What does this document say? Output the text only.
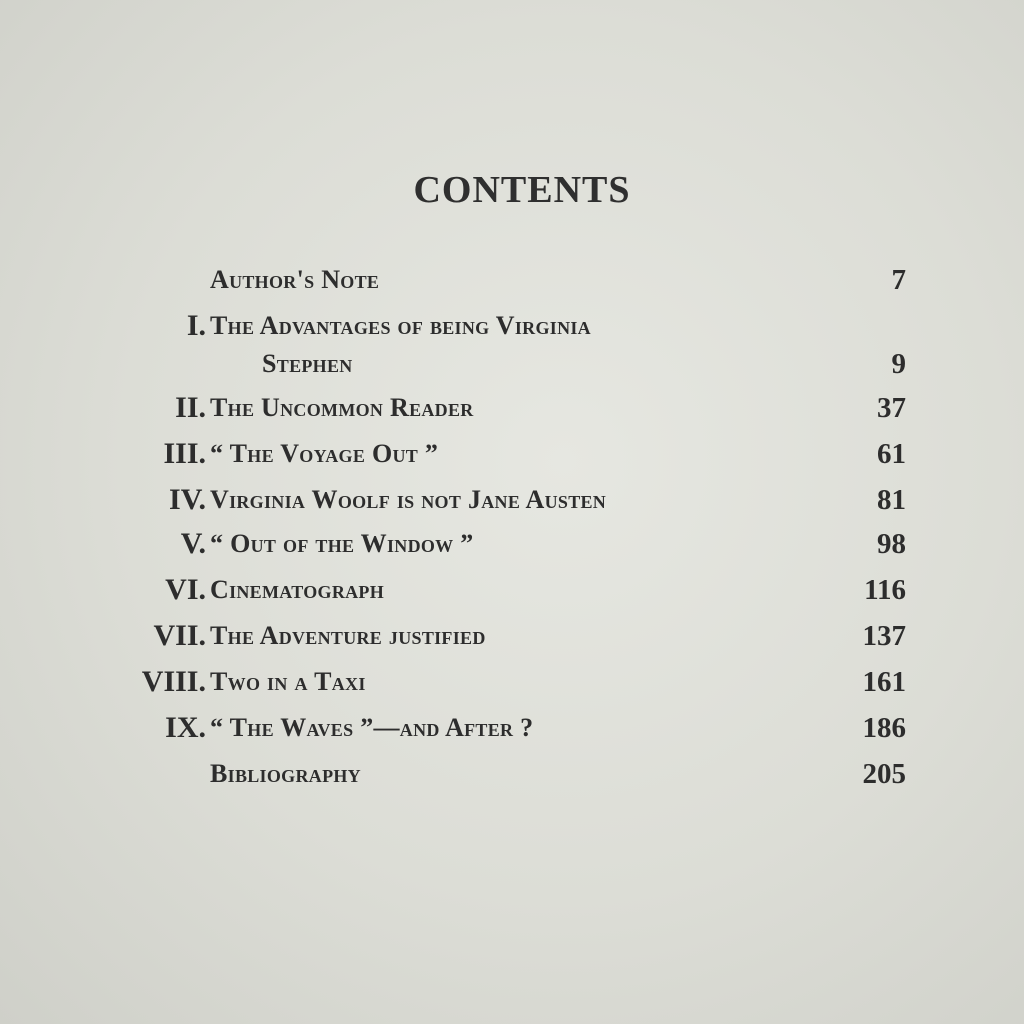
CONTENTS
Author's Note	7
I. The Advantages of being Virginia
Stephen	9
II. The Uncommon Reader	37
III. “ The Voyage Out ”	61
IV. Virginia Woolf is not Jane Austen	81
V. “ Out of the Window ”	98
VI. Cinematograph	116
VII. The Adventure justified	137
VIII. Two in a Taxi	161
IX. “ The Waves ”—and After ?	186
Bibliography	205
